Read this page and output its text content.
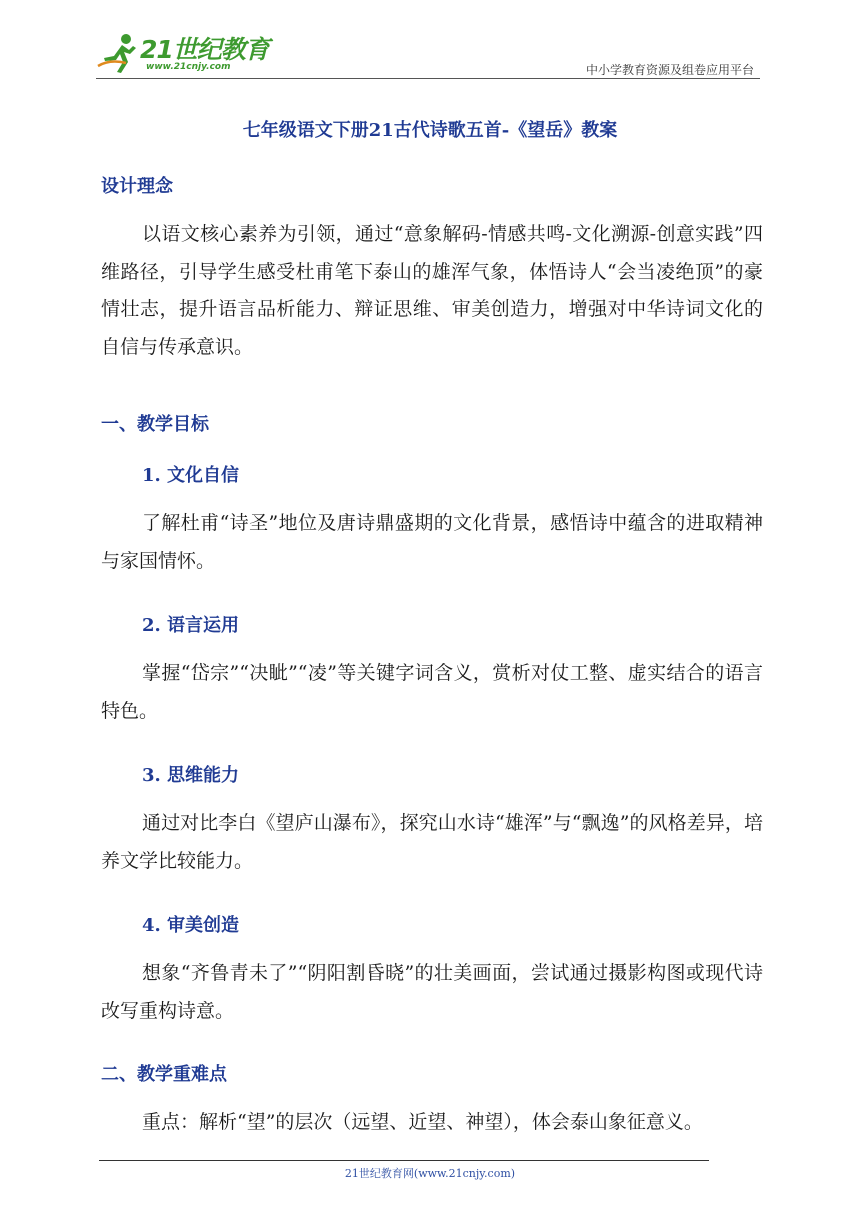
21世纪教育
www.21cnjy.com	中小学教育资源及组卷应用平台
七年级语文下册21古代诗歌五首-《望岳》教案
设计理念

以语文核心素养为引领，通过“意象解码-情感共鸣-文化溯源-创意实践”四维路径，引导学生感受杜甫笔下泰山的雄浑气象，体悟诗人“会当凌绝顶”的豪情壮志，提升语言品析能力、辩证思维、审美创造力，增强对中华诗词文化的自信与传承意识。

一、教学目标
1. 文化自信

了解杜甫“诗圣”地位及唐诗鼎盛期的文化背景，感悟诗中蕴含的进取精神与家国情怀。

2. 语言运用

掌握“岱宗”“决眦”“凌”等关键字词含义，赏析对仗工整、虚实结合的语言特色。

3. 思维能力

通过对比李白《望庐山瀑布》，探究山水诗“雄浑”与“飘逸”的风格差异，培养文学比较能力。

4. 审美创造

想象“齐鲁青未了”“阴阳割昏晓”的壮美画面，尝试通过摄影构图或现代诗改写重构诗意。

二、教学重难点

重点：解析“望”的层次（远望、近望、神望），体会泰山象征意义。

21世纪教育网(www.21cnjy.com)
